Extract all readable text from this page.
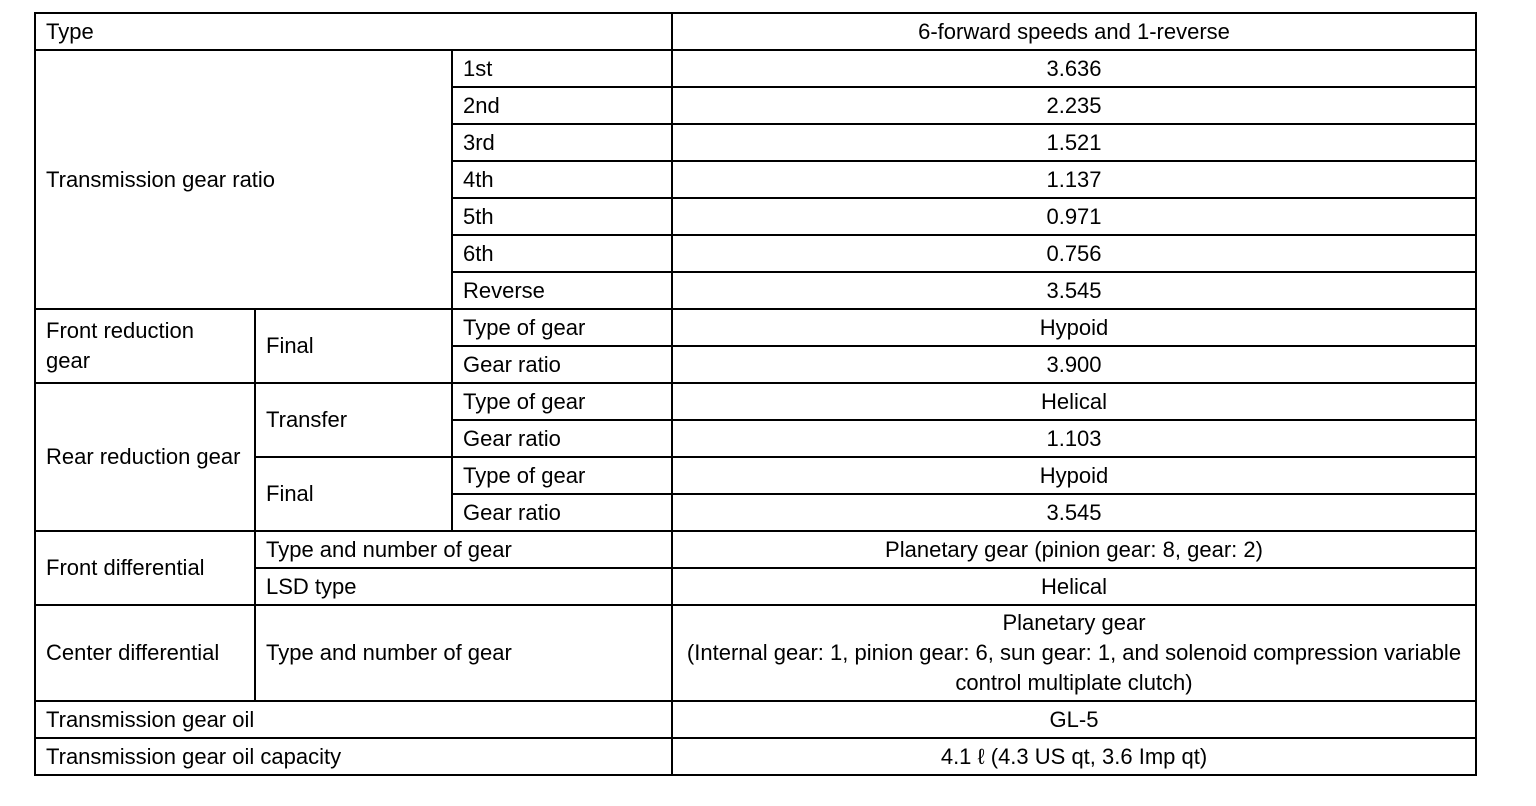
Type			6-forward speeds and 1-reverse
Transmission gear ratio		1st	3.636
		2nd	2.235
		3rd	1.521
		4th	1.137
		5th	0.971
		6th	0.756
		Reverse	3.545
Front reduction gear	Final	Type of gear	Hypoid
		Gear ratio	3.900
Rear reduction gear	Transfer	Type of gear	Helical
		Gear ratio	1.103
	Final	Type of gear	Hypoid
		Gear ratio	3.545
Front differential	Type and number of gear		Planetary gear (pinion gear: 8, gear: 2)
	LSD type		Helical
Center differential	Type and number of gear		Planetary gear
(Internal gear: 1, pinion gear: 6, sun gear: 1, and solenoid compression variable control multiplate clutch)

Transmission gear oil			GL-5
Transmission gear oil capacity			4.1 ℓ (4.3 US qt, 3.6 Imp qt)
